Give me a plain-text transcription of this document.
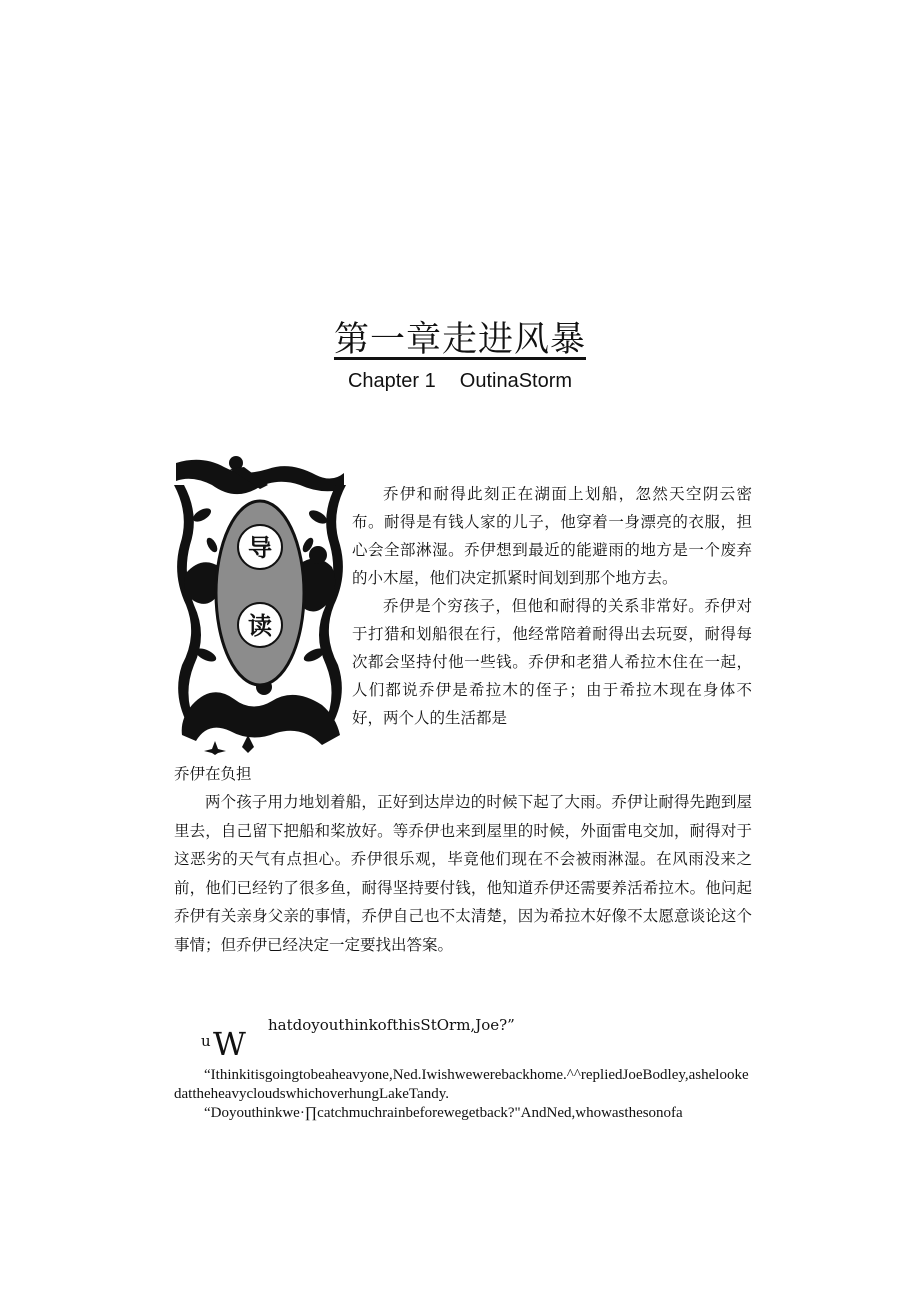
第一章走进风暴
Chapter 1 OutinaStorm
导
读

乔伊和耐得此刻正在湖面上划船，忽然天空阴云密布。耐得是有钱人家的儿子，他穿着一身漂亮的衣服，担心会全部淋湿。乔伊想到最近的能避雨的地方是一个废弃的小木屋，他们决定抓紧时间划到那个地方去。

乔伊是个穷孩子，但他和耐得的关系非常好。乔伊对于打猎和划船很在行，他经常陪着耐得出去玩耍，耐得每次都会坚持付他一些钱。乔伊和老猎人希拉木住在一起，人们都说乔伊是希拉木的侄子；由于希拉木现在身体不好，两个人的生活都是

乔伊在负担

两个孩子用力地划着船，正好到达岸边的时候下起了大雨。乔伊让耐得先跑到屋里去，自己留下把船和桨放好。等乔伊也来到屋里的时候，外面雷电交加，耐得对于这恶劣的天气有点担心。乔伊很乐观，毕竟他们现在不会被雨淋湿。在风雨没来之前，他们已经钓了很多鱼，耐得坚持要付钱，他知道乔伊还需要养活希拉木。他问起乔伊有关亲身父亲的事情，乔伊自己也不太清楚，因为希拉木好像不太愿意谈论这个事情；但乔伊已经决定一定要找出答案。

u W hatdoyouthinkofthisStOrm,Joe?”

“Ithinkitisgoingtobeaheavyone,Ned.Iwishwewerebackhome.^^repliedJoeBodley,ashelookedattheheavycloudswhichoverhungLakeTandy.

“Doyouthinkwe·∏catchmuchrainbeforewegetback?"AndNed,whowasthesonofa
